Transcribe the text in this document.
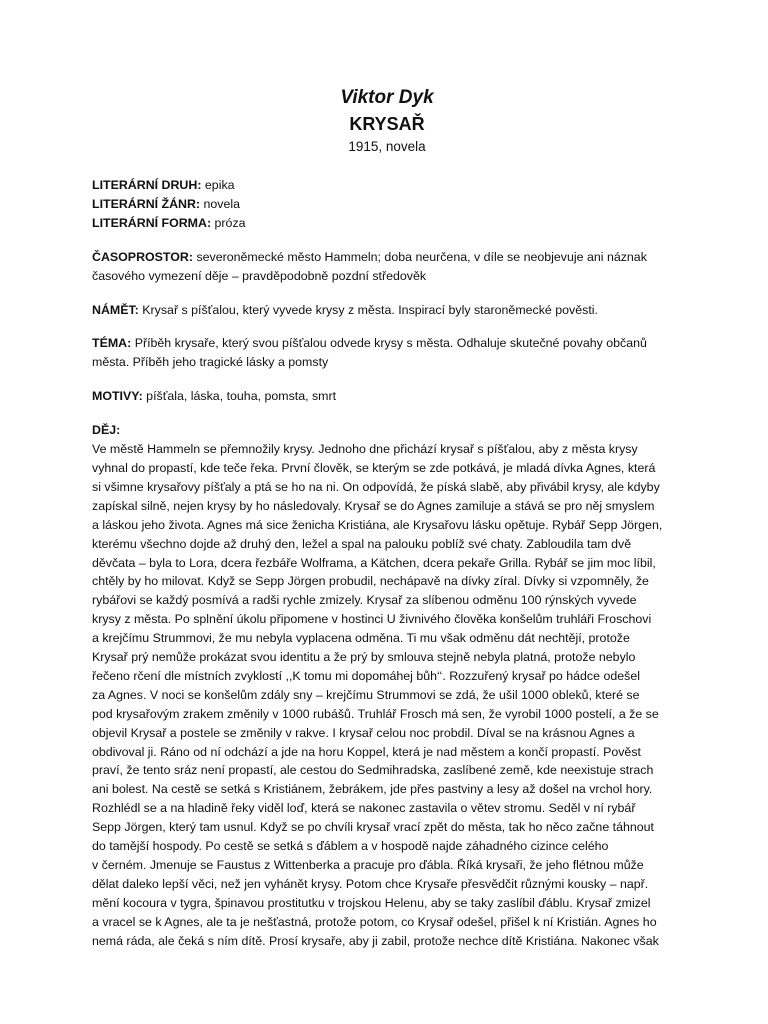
Viktor Dyk
KRYSAŘ
1915, novela
LITERÁRNÍ DRUH: epika
LITERÁRNÍ ŽÁNR: novela
LITERÁRNÍ FORMA: próza
ČASOPROSTOR: severoněmecké město Hammeln; doba neurčena, v díle se neobjevuje ani náznak
časového vymezení děje – pravděpodobně pozdní středověk
NÁMĚT: Krysař s píšťalou, který vyvede krysy z města. Inspirací byly staroněmecké pověsti.
TÉMA: Příběh krysaře, který svou píšťalou odvede krysy s města. Odhaluje skutečné povahy občanů
města. Příběh jeho tragické lásky a pomsty
MOTIVY: píšťala, láska, touha, pomsta, smrt
DĚJ:
Ve městě Hammeln se přemnožily krysy. Jednoho dne přichází krysař s píšťalou, aby z města krysy
vyhnal do propastí, kde teče řeka. První člověk, se kterým se zde potkává, je mladá dívka Agnes, která
si všimne krysařovy píšťaly a ptá se ho na ni. On odpovídá, že píská slabě, aby přivábil krysy, ale kdyby
zapískal silně, nejen krysy by ho následovaly. Krysař se do Agnes zamiluje a stává se pro něj smyslem
a láskou jeho života. Agnes má sice ženicha Kristiána, ale Krysařovu lásku opětuje. Rybář Sepp Jörgen,
kterému všechno dojde až druhý den, ležel a spal na palouku poblíž své chaty. Zabloudila tam dvě
děvčata – byla to Lora, dcera řezbáře Wolframa, a Kätchen, dcera pekaře Grilla. Rybář se jim moc líbil,
chtěly by ho milovat. Když se Sepp Jörgen probudil, nechápavě na dívky zíral. Dívky si vzpomněly, že
rybářovi se každý posmívá a radši rychle zmizely. Krysař za slíbenou odměnu 100 rýnských vyvede
krysy z města. Po splnění úkolu připomene v hostinci U živnivého člověka konšelům truhláři Froschovi
a krejčímu Strummovi, že mu nebyla vyplacena odměna. Ti mu však odměnu dát nechtějí, protože
Krysař prý nemůže prokázat svou identitu a že prý by smlouva stejně nebyla platná, protože nebylo
řečeno rčení dle místních zvyklostí ,,K tomu mi dopomáhej bůh‘‘. Rozzuřený krysař po hádce odešel
za Agnes. V noci se konšelům zdály sny – krejčímu Strummovi se zdá, že ušil 1000 obleků, které se
pod krysařovým zrakem změnily v 1000 rubášů. Truhlář Frosch má sen, že vyrobil 1000 postelí, a že se
objevil Krysař a postele se změnily v rakve. I krysař celou noc probdil. Díval se na krásnou Agnes a
obdivoval ji. Ráno od ní odchází a jde na horu Koppel, která je nad městem a končí propastí. Pověst
praví, že tento sráz není propastí, ale cestou do Sedmihradska, zaslíbené země, kde neexistuje strach
ani bolest. Na cestě se setká s Kristiánem, žebrákem, jde přes pastviny a lesy až došel na vrchol hory.
Rozhlédl se a na hladině řeky viděl loď, která se nakonec zastavila o větev stromu. Seděl v ní rybář
Sepp Jörgen, který tam usnul. Když se po chvíli krysař vrací zpět do města, tak ho něco začne táhnout
do tamější hospody. Po cestě se setká s ďáblem a v hospodě najde záhadného cizince celého
v černém. Jmenuje se Faustus z Wittenberka a pracuje pro ďábla. Říká krysaři, že jeho flétnou může
dělat daleko lepší věci, než jen vyhánět krysy. Potom chce Krysaře přesvědčit různými kousky – např.
mění kocoura v tygra, špinavou prostitutku v trojskou Helenu, aby se taky zaslíbil ďáblu. Krysař zmizel
a vracel se k Agnes, ale ta je nešťastná, protože potom, co Krysař odešel, přišel k ní Kristián. Agnes ho
nemá ráda, ale čeká s ním dítě. Prosí krysaře, aby ji zabil, protože nechce dítě Kristiána. Nakonec však
